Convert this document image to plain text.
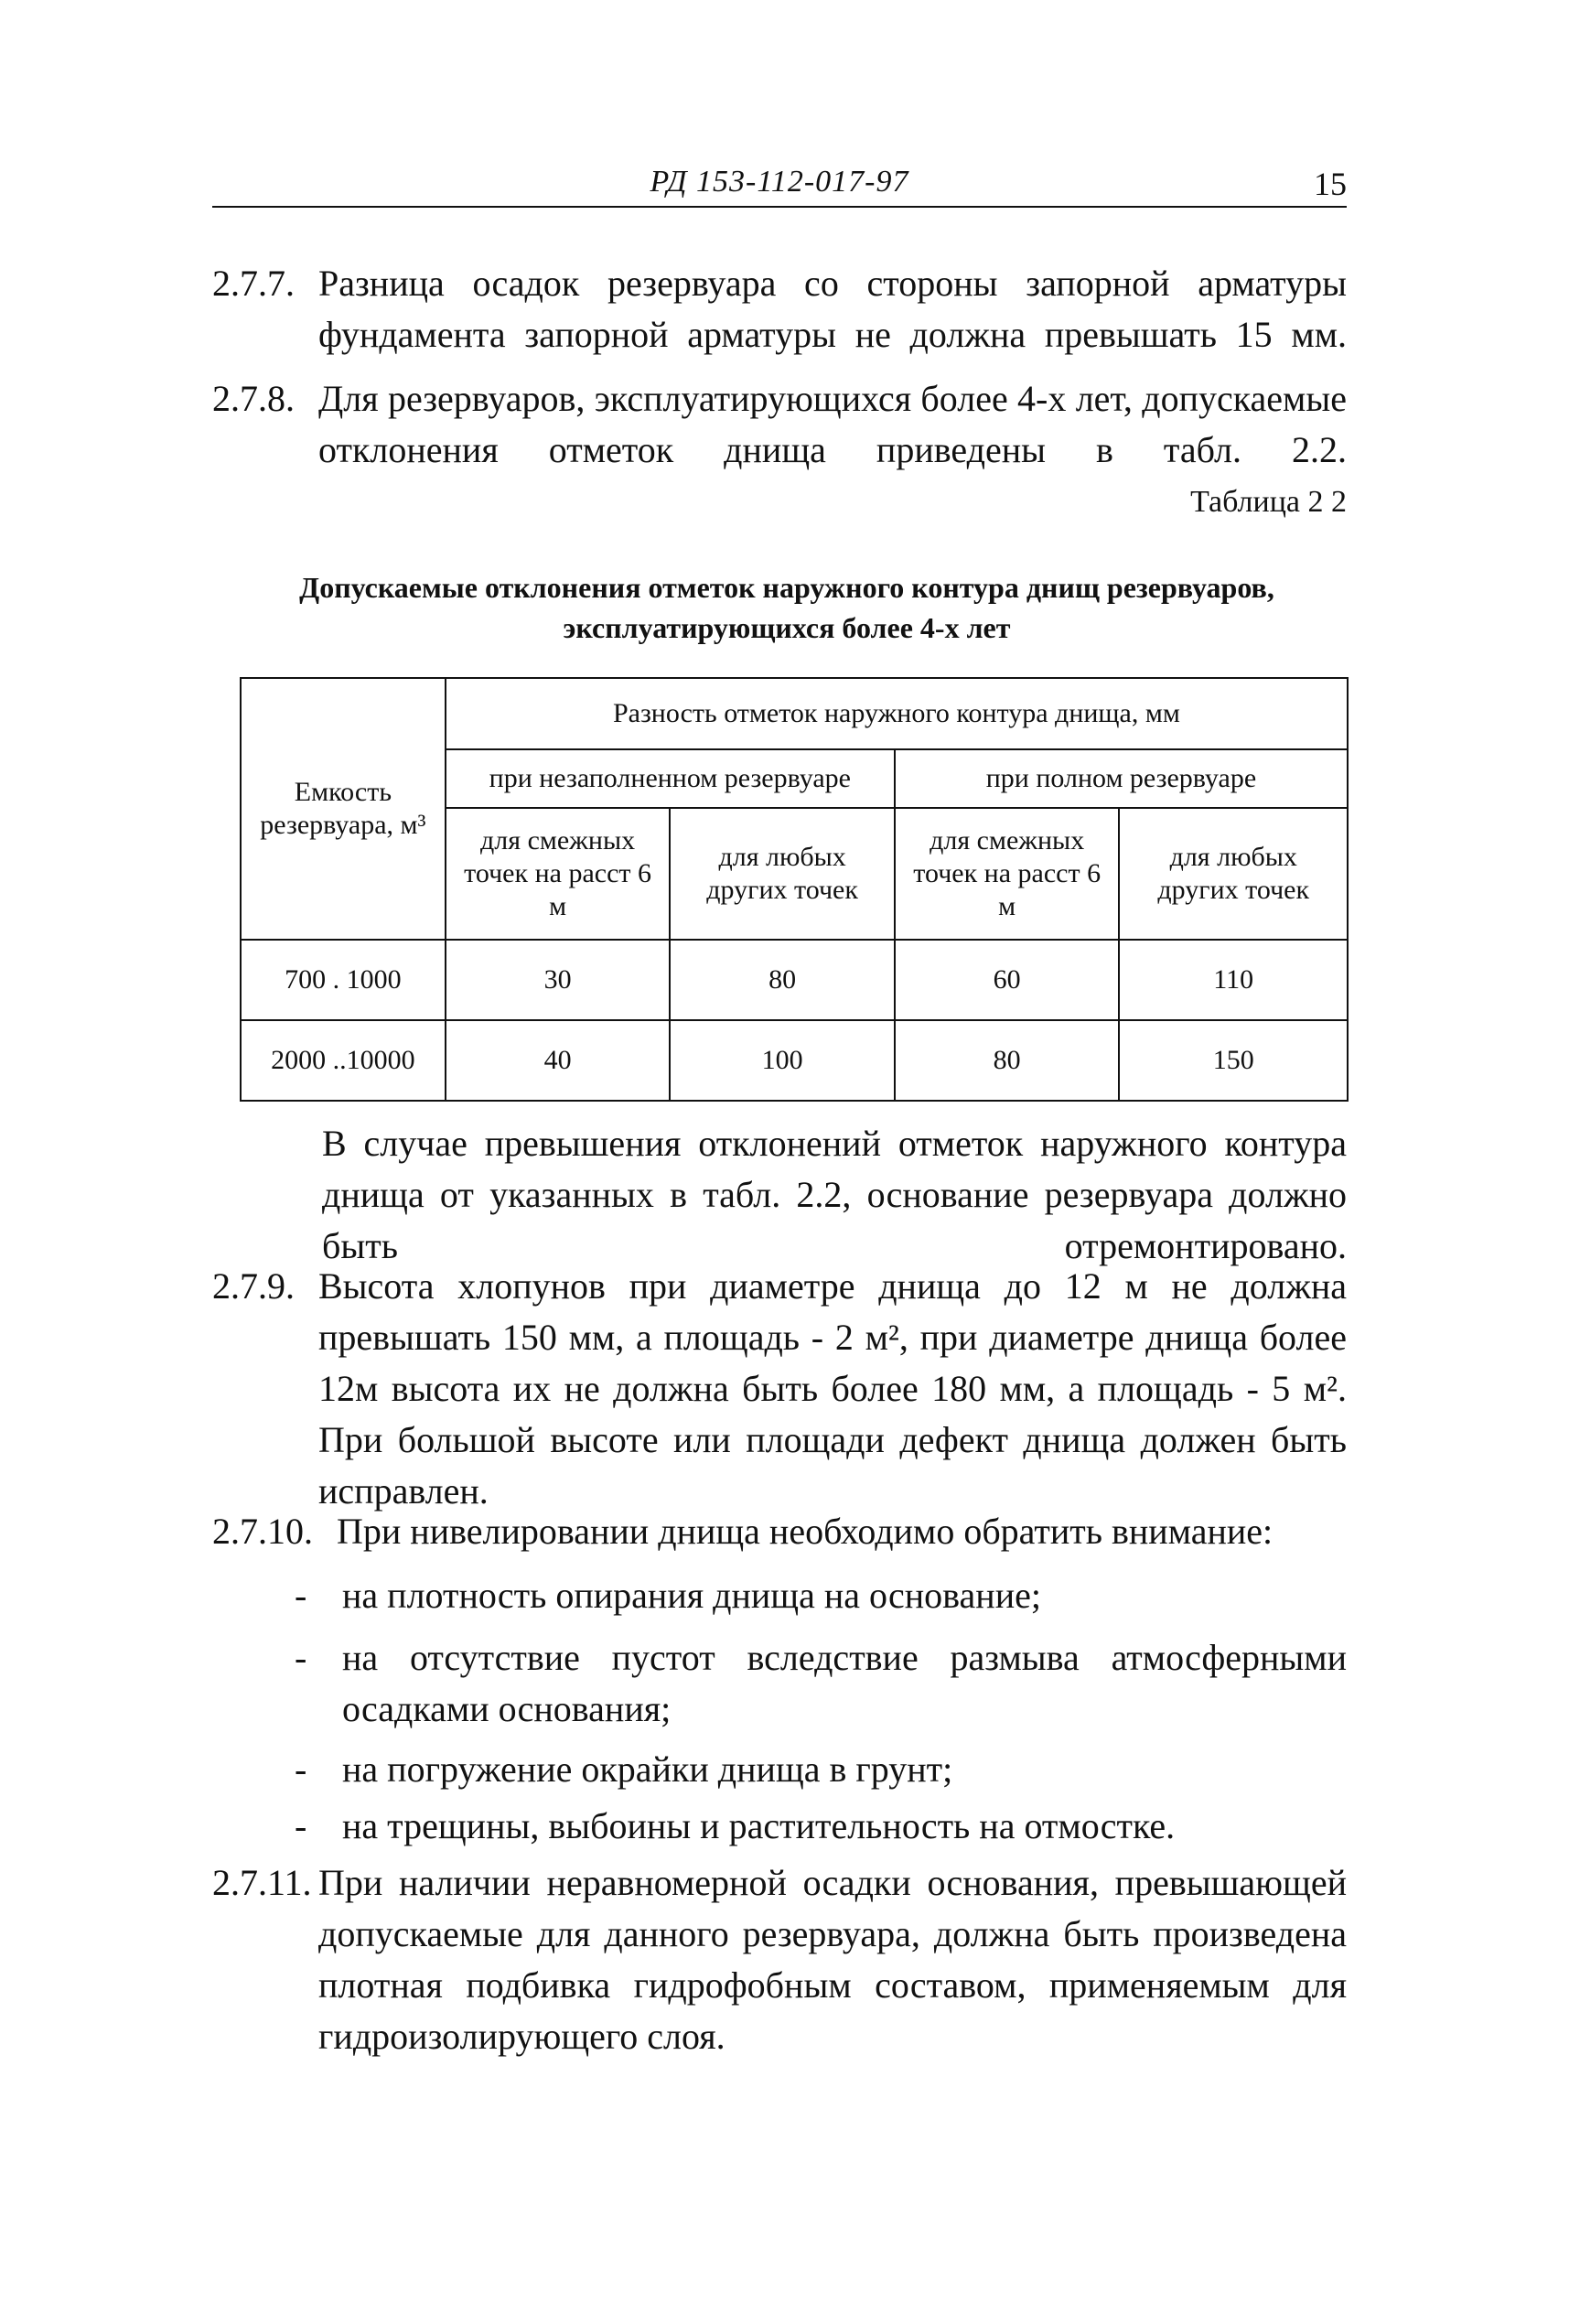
РД 153-112-017-97	15
2.7.7. Разница осадок резервуара со стороны запорной арматуры фундамента запорной арматуры не должна превышать 15 мм.
2.7.8. Для резервуаров, эксплуатирующихся более 4-х лет, допускаемые отклонения отметок днища приведены в табл. 2.2.
Таблица 2 2
Допускаемые отклонения отметок наружного контура днищ резервуаров,
эксплуатирующихся более 4-х лет
Емкость резервуара, м³	Разность отметок наружного контура днища, мм			
	при незаполненном резервуаре		при полном резервуаре	
	для смежных точек на расст 6 м	для любых других точек	для смежных точек на расст 6 м	для любых других точек
700 . 1000	30	80	60	110
2000 ..10000	40	100	80	150
В случае превышения отклонений отметок наружного контура днища от указанных в табл. 2.2, основание резервуара должно быть отремонтировано.
2.7.9. Высота хлопунов при диаметре днища до 12 м не должна превышать 150 мм, а площадь - 2 м², при диаметре днища более 12м высота их не должна быть более 180 мм, а площадь - 5 м². При большой высоте или площади дефект днища должен быть исправлен.
2.7.10. При нивелировании днища необходимо обратить внимание:
- на плотность опирания днища на основание;
- на отсутствие пустот вследствие размыва атмосферными осадками основания;
- на погружение окрайки днища в грунт;
- на трещины, выбоины и растительность на отмостке.
2.7.11. При наличии неравномерной осадки основания, превышающей допускаемые для данного резервуара, должна быть произведена плотная подбивка гидрофобным составом, применяемым для гидроизолирующего слоя.
